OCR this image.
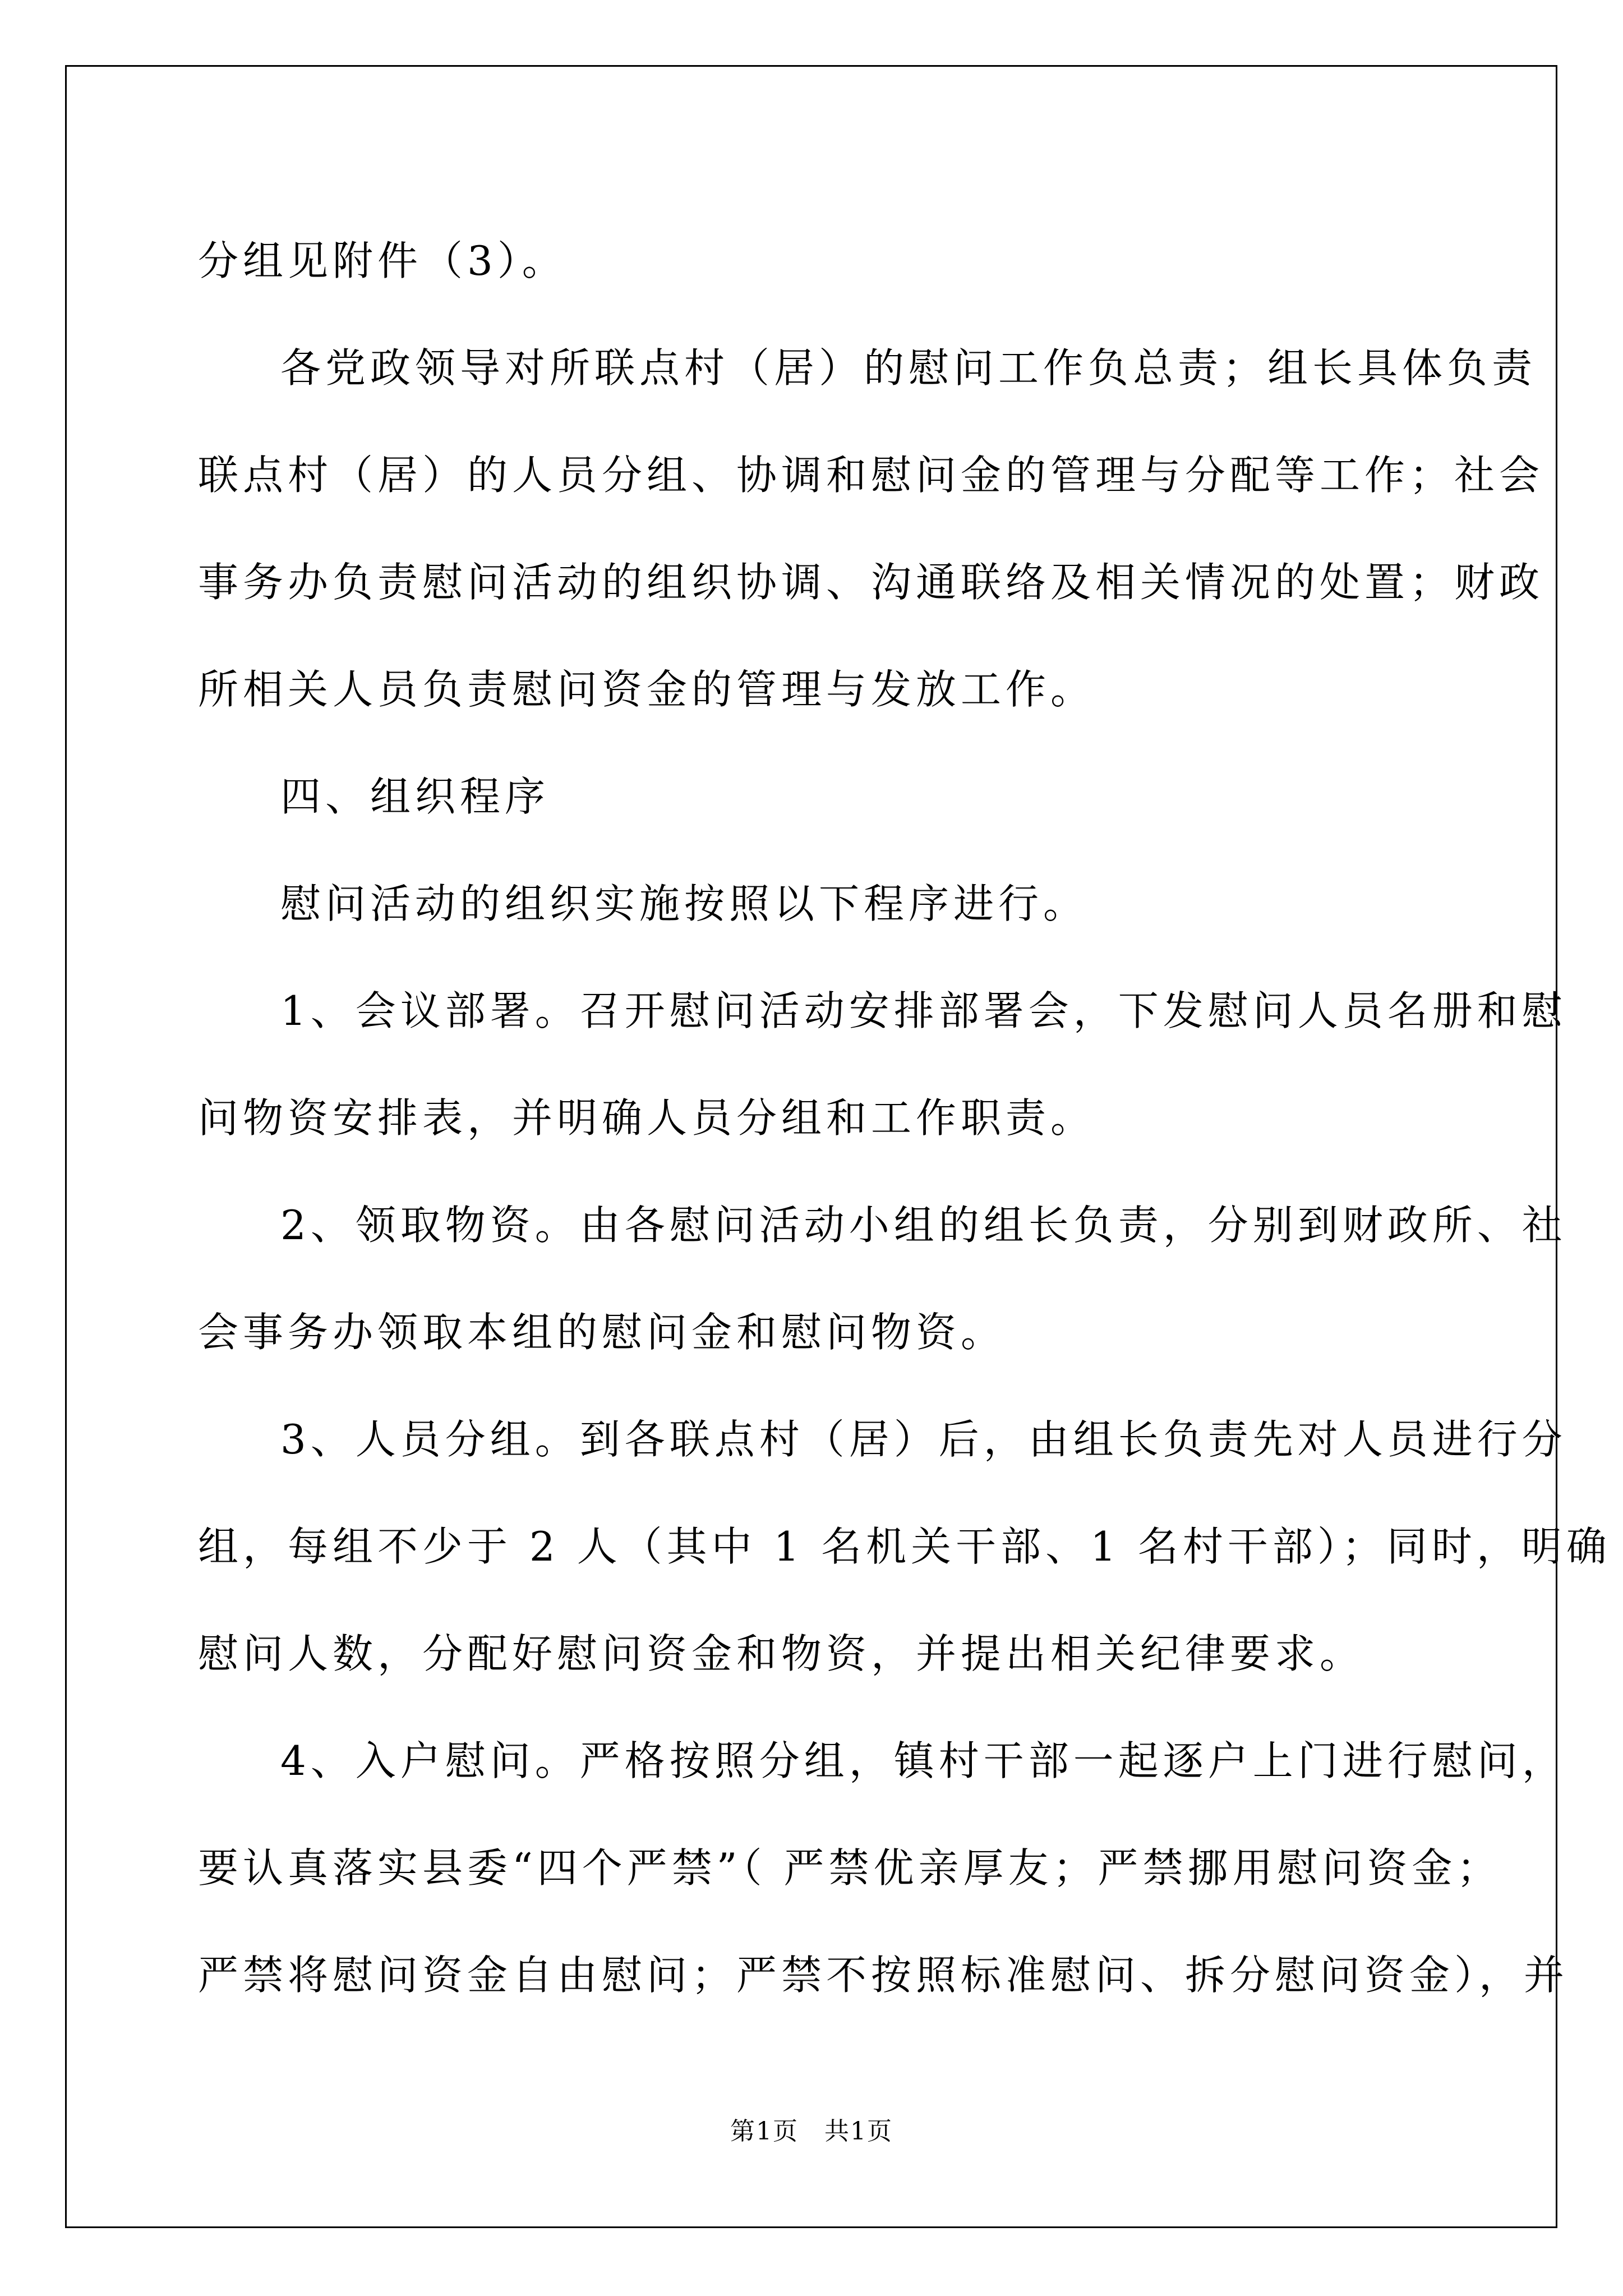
分组见附件（3）。

各党政领导对所联点村（居）的慰问工作负总责；组长具体负责

联点村（居）的人员分组、协调和慰问金的管理与分配等工作；社会

事务办负责慰问活动的组织协调、沟通联络及相关情况的处置；财政

所相关人员负责慰问资金的管理与发放工作。

四、组织程序

慰问活动的组织实施按照以下程序进行。

1、会议部署。召开慰问活动安排部署会，下发慰问人员名册和慰

问物资安排表，并明确人员分组和工作职责。

2、领取物资。由各慰问活动小组的组长负责，分别到财政所、社

会事务办领取本组的慰问金和慰问物资。

3、人员分组。到各联点村（居）后，由组长负责先对人员进行分

组，每组不少于 2 人（其中 1 名机关干部、1 名村干部）；同时，明确

慰问人数，分配好慰问资金和物资，并提出相关纪律要求。

4、入户慰问。严格按照分组，镇村干部一起逐户上门进行慰问，

要认真落实县委“四个严禁”（ 严禁优亲厚友；严禁挪用慰问资金；

严禁将慰问资金自由慰问；严禁不按照标准慰问、拆分慰问资金），并

第1页　共1页
